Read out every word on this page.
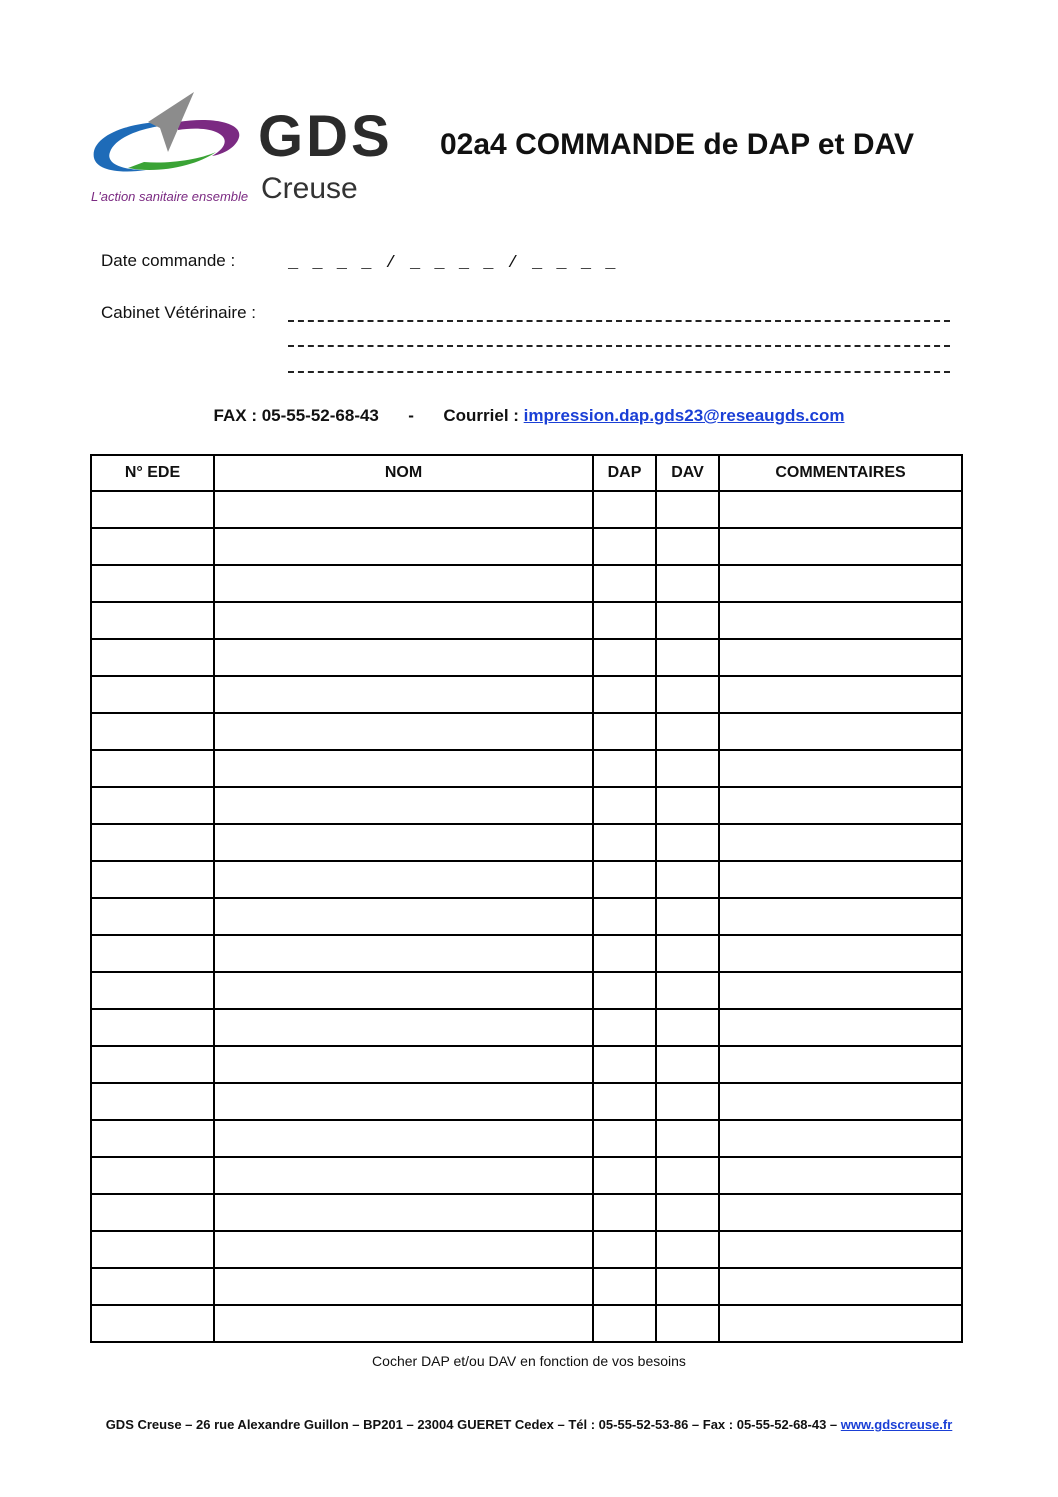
GDS
Creuse
L'action sanitaire ensemble
02a4 COMMANDE de DAP et DAV
Date commande :	_ _ _ _ / _ _ _ _ / _ _ _ _
Cabinet Vétérinaire :
FAX : 05-55-52-68-43 - Courriel : impression.dap.gds23@reseaugds.com
N° EDE	NOM	DAP	DAV	COMMENTAIRES

Cocher DAP et/ou DAV en fonction de vos besoins
GDS Creuse – 26 rue Alexandre Guillon – BP201 – 23004 GUERET Cedex – Tél : 05-55-52-53-86 – Fax : 05-55-52-68-43 – www.gdscreuse.fr
